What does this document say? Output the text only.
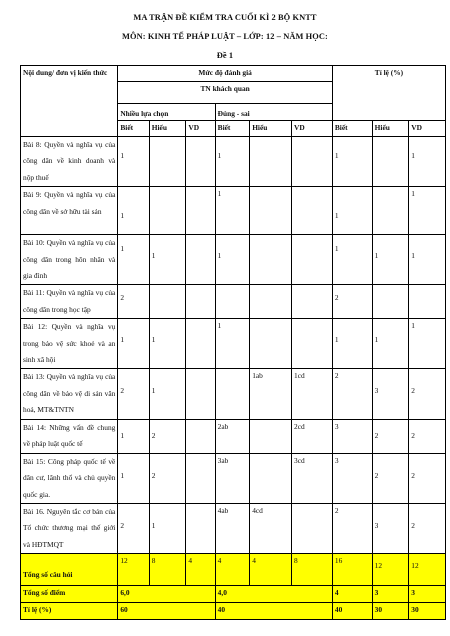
MA TRẬN ĐỀ KIỂM TRA CUỐI KÌ 2 BỘ KNTT
MÔN: KINH TẾ PHÁP LUẬT – LỚP: 12 – NĂM HỌC:
Đề 1
Nội dung/ đơn vị kiến thức	Mức độ đánh giá						Tỉ lệ (%)		
	TN khách quan								
	Nhiều lựa chọn			Đúng - sai					
	Biết	Hiểu	VD	Biết	Hiểu	VD	Biết	Hiểu	VD
Bài 8: Quyền và nghĩa vụ của công dân về kinh doanh và nộp thuế	1			1			1		1
Bài 9: Quyền và nghĩa vụ của công dân về sở hữu tài sản	1			1			1		1
Bài 10: Quyền và nghĩa vụ của công dân trong hôn nhân và gia đình	1	1		1			1	1	1
Bài 11: Quyền và nghĩa vụ của công dân trong học tập	2						2		
Bài 12: Quyền và nghĩa vụ trong bảo vệ sức khoẻ và an sinh xã hội	1	1		1			1	1	1
Bài 13: Quyền và nghĩa vụ của công dân về bảo vệ di sản văn hoá, MT&TNTN	2	1			1ab	1cd	2	3	2
Bài 14: Những vấn đề chung về pháp luật quốc tế	1	2		2ab		2cd	3	2	2
Bài 15: Công pháp quốc tế về dân cư, lãnh thổ và chủ quyền quốc gia.	1	2		3ab		3cd	3	2	2
Bài 16. Nguyên tắc cơ bản của Tổ chức thương mại thế giới và HĐTMQT	2	1		4ab	4cd		2	3	2
Tổng số câu hỏi	12	8	4	4	4	8	16	12	12
Tổng số điểm	6,0			4,0			4	3	3
Tỉ lệ (%)	60			40			40	30	30
